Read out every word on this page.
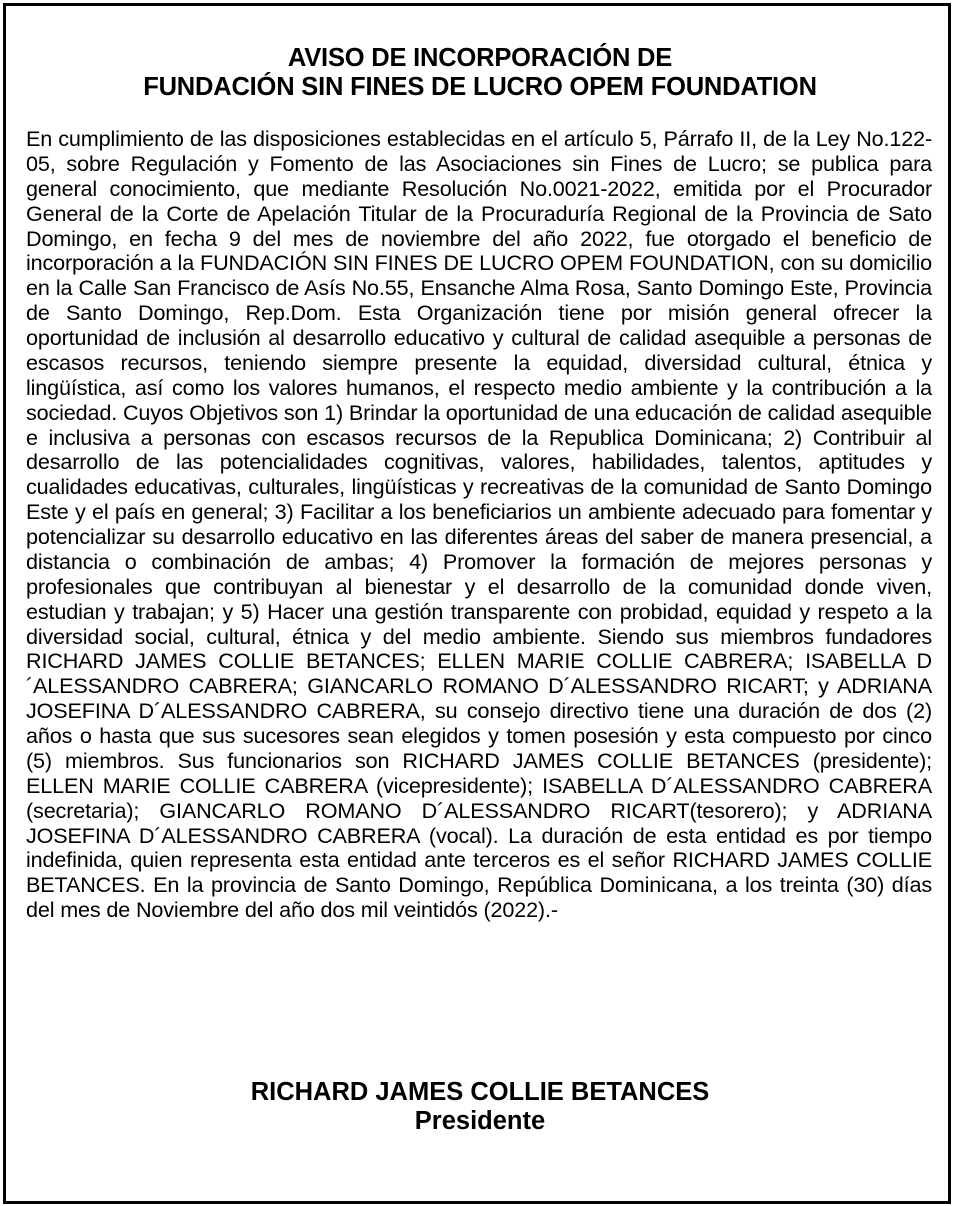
AVISO DE INCORPORACIÓN DE
FUNDACIÓN SIN FINES DE LUCRO OPEM FOUNDATION
En cumplimiento de las disposiciones establecidas en el artículo 5, Párrafo II, de la Ley No.122-05, sobre Regulación y Fomento de las Asociaciones sin Fines de Lucro; se publica para general conocimiento, que mediante Resolución No.0021-2022, emitida por el Procurador General de la Corte de Apelación Titular de la Procuraduría Regional de la Provincia de Sato Domingo, en fecha 9 del mes de noviembre del año 2022, fue otorgado el beneficio de incorporación a la FUNDACIÓN SIN FINES DE LUCRO OPEM FOUNDATION, con su domicilio en la Calle San Francisco de Asís No.55, Ensanche Alma Rosa, Santo Domingo Este, Provincia de Santo Domingo, Rep.Dom. Esta Organización tiene por misión general ofrecer la oportunidad de inclusión al desarrollo educativo y cultural de calidad asequible a personas de escasos recursos, teniendo siempre presente la equidad, diversidad cultural, étnica y lingüística, así como los valores humanos, el respecto medio ambiente y la contribución a la sociedad. Cuyos Objetivos son 1) Brindar la oportunidad de una educación de calidad asequible e inclusiva a personas con escasos recursos de la Republica Dominicana; 2) Contribuir al desarrollo de las potencialidades cognitivas, valores, habilidades, talentos, aptitudes y cualidades educativas, culturales, lingüísticas y recreativas de la comunidad de Santo Domingo Este y el país en general; 3) Facilitar a los beneficiarios un ambiente adecuado para fomentar y potencializar su desarrollo educativo en las diferentes áreas del saber de manera presencial, a distancia o combinación de ambas; 4) Promover la formación de mejores personas y profesionales que contribuyan al bienestar y el desarrollo de la comunidad donde viven, estudian y trabajan; y 5) Hacer una gestión transparente con probidad, equidad y respeto a la diversidad social, cultural, étnica y del medio ambiente. Siendo sus miembros fundadores RICHARD JAMES COLLIE BETANCES; ELLEN MARIE COLLIE CABRERA; ISABELLA D´ALESSANDRO CABRERA; GIANCARLO ROMANO D´ALESSANDRO RICART; y ADRIANA JOSEFINA D´ALESSANDRO CABRERA, su consejo directivo tiene una duración de dos (2) años o hasta que sus sucesores sean elegidos y tomen posesión y esta compuesto por cinco (5) miembros. Sus funcionarios son RICHARD JAMES COLLIE BETANCES (presidente); ELLEN MARIE COLLIE CABRERA (vicepresidente); ISABELLA D´ALESSANDRO CABRERA (secretaria); GIANCARLO ROMANO D´ALESSANDRO RICART(tesorero); y ADRIANA JOSEFINA D´ALESSANDRO CABRERA (vocal). La duración de esta entidad es por tiempo indefinida, quien representa esta entidad ante terceros es el señor RICHARD JAMES COLLIE BETANCES. En la provincia de Santo Domingo, República Dominicana, a los treinta (30) días del mes de Noviembre del año dos mil veintidós (2022).-
RICHARD JAMES COLLIE BETANCES
Presidente
